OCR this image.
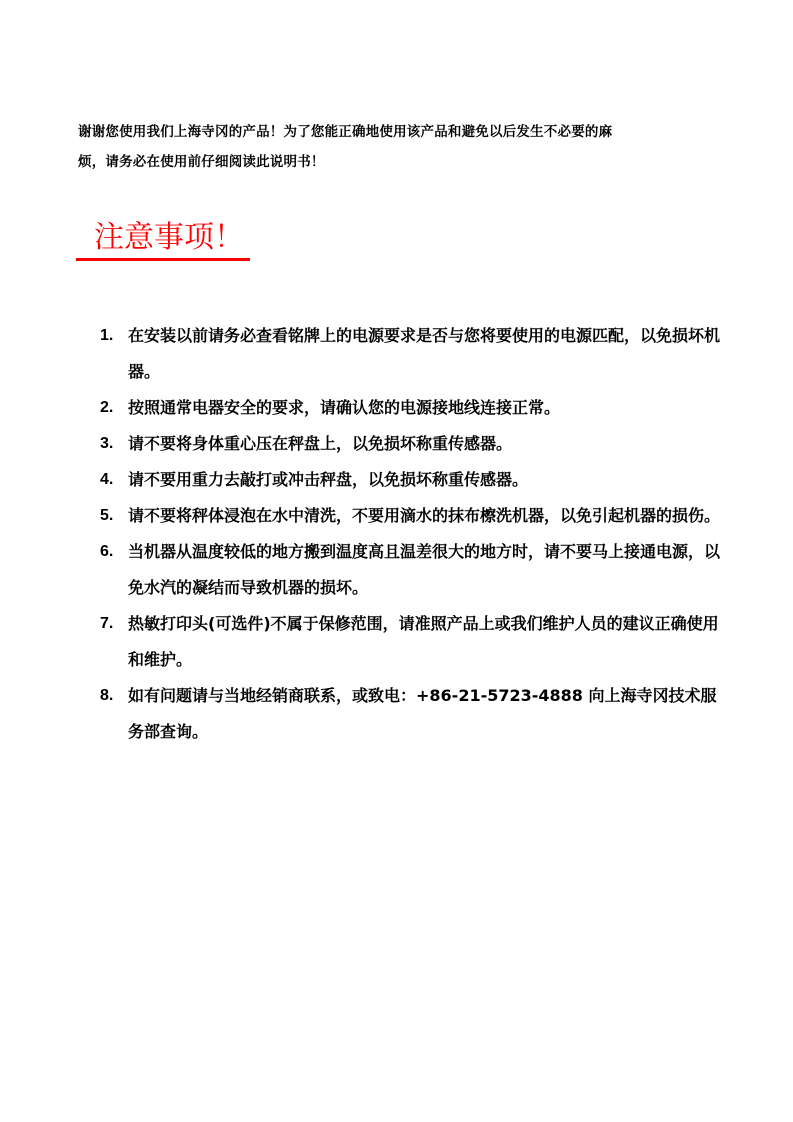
谢谢您使用我们上海寺冈的产品！为了您能正确地使用该产品和避免以后发生不必要的麻

烦，请务必在使用前仔细阅读此说明书！

注意事项！
1. 在安装以前请务必查看铭牌上的电源要求是否与您将要使用的电源匹配，以免损坏机器。
2. 按照通常电器安全的要求，请确认您的电源接地线连接正常。
3. 请不要将身体重心压在秤盘上，以免损坏称重传感器。
4. 请不要用重力去敲打或冲击秤盘，以免损坏称重传感器。
5. 请不要将秤体浸泡在水中清洗，不要用滴水的抹布檫洗机器，以免引起机器的损伤。
6. 当机器从温度较低的地方搬到温度高且温差很大的地方时，请不要马上接通电源，以免水汽的凝结而导致机器的损坏。
7. 热敏打印头(可选件)不属于保修范围，请准照产品上或我们维护人员的建议正确使用和维护。
8. 如有问题请与当地经销商联系，或致电：+86-21-5723-4888 向上海寺冈技术服务部查询。
